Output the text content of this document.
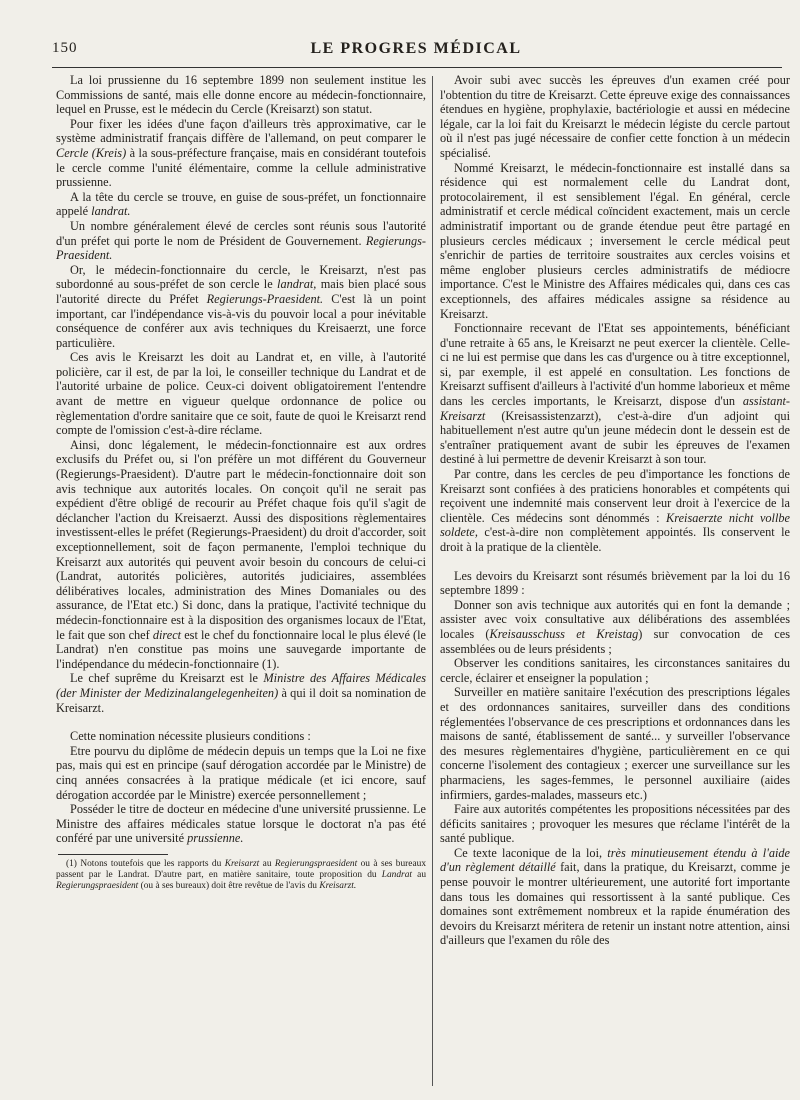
150	LE PROGRES MÉDICAL

La loi prussienne du 16 septembre 1899 non seulement institue les Commissions de santé, mais elle donne encore au médecin-fonctionnaire, lequel en Prusse, est le médecin du Cercle (Kreisarzt) son statut.

Pour fixer les idées d'une façon d'ailleurs très approximative, car le système administratif français diffère de l'allemand, on peut comparer le Cercle (Kreis) à la sous-préfecture française, mais en considérant toutefois le cercle comme l'unité élémentaire, comme la cellule administrative prussienne.

A la tête du cercle se trouve, en guise de sous-préfet, un fonctionnaire appelé landrat.

Un nombre généralement élevé de cercles sont réunis sous l'autorité d'un préfet qui porte le nom de Président de Gouvernement. Regierungs-Praesident.

Or, le médecin-fonctionnaire du cercle, le Kreisarzt, n'est pas subordonné au sous-préfet de son cercle le landrat, mais bien placé sous l'autorité directe du Préfet Regierungs-Praesident. C'est là un point important, car l'indépendance vis-à-vis du pouvoir local a pour inévitable conséquence de conférer aux avis techniques du Kreisaerzt, une force particulière.

Ces avis le Kreisarzt les doit au Landrat et, en ville, à l'autorité policière, car il est, de par la loi, le conseiller technique du Landrat et de l'autorité urbaine de police. Ceux-ci doivent obligatoirement l'entendre avant de mettre en vigueur quelque ordonnance de police ou règlementation d'ordre sanitaire que ce soit, faute de quoi le Kreisarzt rend compte de l'omission c'est-à-dire réclame.

Ainsi, donc légalement, le médecin-fonctionnaire est aux ordres exclusifs du Préfet ou, si l'on préfère un mot différent du Gouverneur (Regierungs-Praesident). D'autre part le médecin-fonctionnaire doit son avis technique aux autorités locales. On conçoit qu'il ne serait pas expédient d'être obligé de recourir au Préfet chaque fois qu'il s'agit de déclancher l'action du Kreisaerzt. Aussi des dispositions règlementaires investissent-elles le préfet (Regierungs-Praesident) du droit d'accorder, soit exceptionnellement, soit de façon permanente, l'emploi technique du Kreisarzt aux autorités qui peuvent avoir besoin du concours de celui-ci (Landrat, autorités policières, autorités judiciaires, assemblées délibératives locales, administration des Mines Domaniales ou des assurance, de l'Etat etc.) Si donc, dans la pratique, l'activité technique du médecin-fonctionnaire est à la disposition des organismes locaux de l'Etat, le fait que son chef direct est le chef du fonctionnaire local le plus élevé (le Landrat) n'en constitue pas moins une sauvegarde importante de l'indépendance du médecin-fonctionnaire (1).

Le chef suprême du Kreisarzt est le Ministre des Affaires Médicales (der Minister der Medizinalangelegenheiten) à qui il doit sa nomination de Kreisarzt.

Cette nomination nécessite plusieurs conditions :

Etre pourvu du diplôme de médecin depuis un temps que la Loi ne fixe pas, mais qui est en principe (sauf dérogation accordée par le Ministre) de cinq années consacrées à la pratique médicale (et ici encore, sauf dérogation accordée par le Ministre) exercée personnellement ;

Posséder le titre de docteur en médecine d'une université prussienne. Le Ministre des affaires médicales statue lorsque le doctorat n'a pas été conféré par une université prussienne.

(1) Notons toutefois que les rapports du Kreisarzt au Regierungspraesident ou à ses bureaux passent par le Landrat. D'autre part, en matière sanitaire, toute proposition du Landrat au Regierungspraesident (ou à ses bureaux) doit être revêtue de l'avis du Kreisarzt.

Avoir subi avec succès les épreuves d'un examen créé pour l'obtention du titre de Kreisarzt. Cette épreuve exige des connaissances étendues en hygiène, prophylaxie, bactériologie et aussi en médecine légale, car la loi fait du Kreisarzt le médecin légiste du cercle partout où il n'est pas jugé nécessaire de confier cette fonction à un médecin spécialisé.

Nommé Kreisarzt, le médecin-fonctionnaire est installé dans sa résidence qui est normalement celle du Landrat dont, protocolairement, il est sensiblement l'égal. En général, cercle administratif et cercle médical coïncident exactement, mais un cercle administratif important ou de grande étendue peut être partagé en plusieurs cercles médicaux ; inversement le cercle médical peut s'enrichir de parties de territoire soustraites aux cercles voisins et même englober plusieurs cercles administratifs de médiocre importance. C'est le Ministre des Affaires médicales qui, dans ces cas exceptionnels, des affaires médicales assigne sa résidence au Kreisarzt.

Fonctionnaire recevant de l'Etat ses appointements, bénéficiant d'une retraite à 65 ans, le Kreisarzt ne peut exercer la clientèle. Celle-ci ne lui est permise que dans les cas d'urgence ou à titre exceptionnel, si, par exemple, il est appelé en consultation. Les fonctions de Kreisarzt suffisent d'ailleurs à l'activité d'un homme laborieux et même dans les cercles importants, le Kreisarzt, dispose d'un assistant-Kreisarzt (Kreisassistenzarzt), c'est-à-dire d'un adjoint qui habituellement n'est autre qu'un jeune médecin dont le dessein est de s'entraîner pratiquement avant de subir les épreuves de l'examen destiné à lui permettre de devenir Kreisarzt à son tour.

Par contre, dans les cercles de peu d'importance les fonctions de Kreisarzt sont confiées à des praticiens honorables et compétents qui reçoivent une indemnité mais conservent leur droit à l'exercice de la clientèle. Ces médecins sont dénommés : Kreisaerzte nicht vollbe soldete, c'est-à-dire non complètement appointés. Ils conservent le droit à la pratique de la clientèle.

Les devoirs du Kreisarzt sont résumés brièvement par la loi du 16 septembre 1899 :

Donner son avis technique aux autorités qui en font la demande ; assister avec voix consultative aux délibérations des assemblées locales (Kreisausschuss et Kreistag) sur convocation de ces assemblées ou de leurs présidents ;

Observer les conditions sanitaires, les circonstances sanitaires du cercle, éclairer et enseigner la population ;

Surveiller en matière sanitaire l'exécution des prescriptions légales et des ordonnances sanitaires, surveiller dans des conditions réglementées l'observance de ces prescriptions et ordonnances dans les maisons de santé, établissement de santé... y surveiller l'observance des mesures règlementaires d'hygiène, particulièrement en ce qui concerne l'isolement des contagieux ; exercer une surveillance sur les pharmaciens, les sages-femmes, le personnel auxiliaire (aides infirmiers, gardes-malades, masseurs etc.)

Faire aux autorités compétentes les propositions nécessitées par des déficits sanitaires ; provoquer les mesures que réclame l'intérêt de la santé publique.

Ce texte laconique de la loi, très minutieusement étendu à l'aide d'un règlement détaillé fait, dans la pratique, du Kreisarzt, comme je pense pouvoir le montrer ultérieurement, une autorité fort importante dans tous les domaines qui ressortissent à la santé publique. Ces domaines sont extrêmement nombreux et la rapide énumération des devoirs du Kreisarzt méritera de retenir un instant notre attention, ainsi d'ailleurs que l'examen du rôle des
